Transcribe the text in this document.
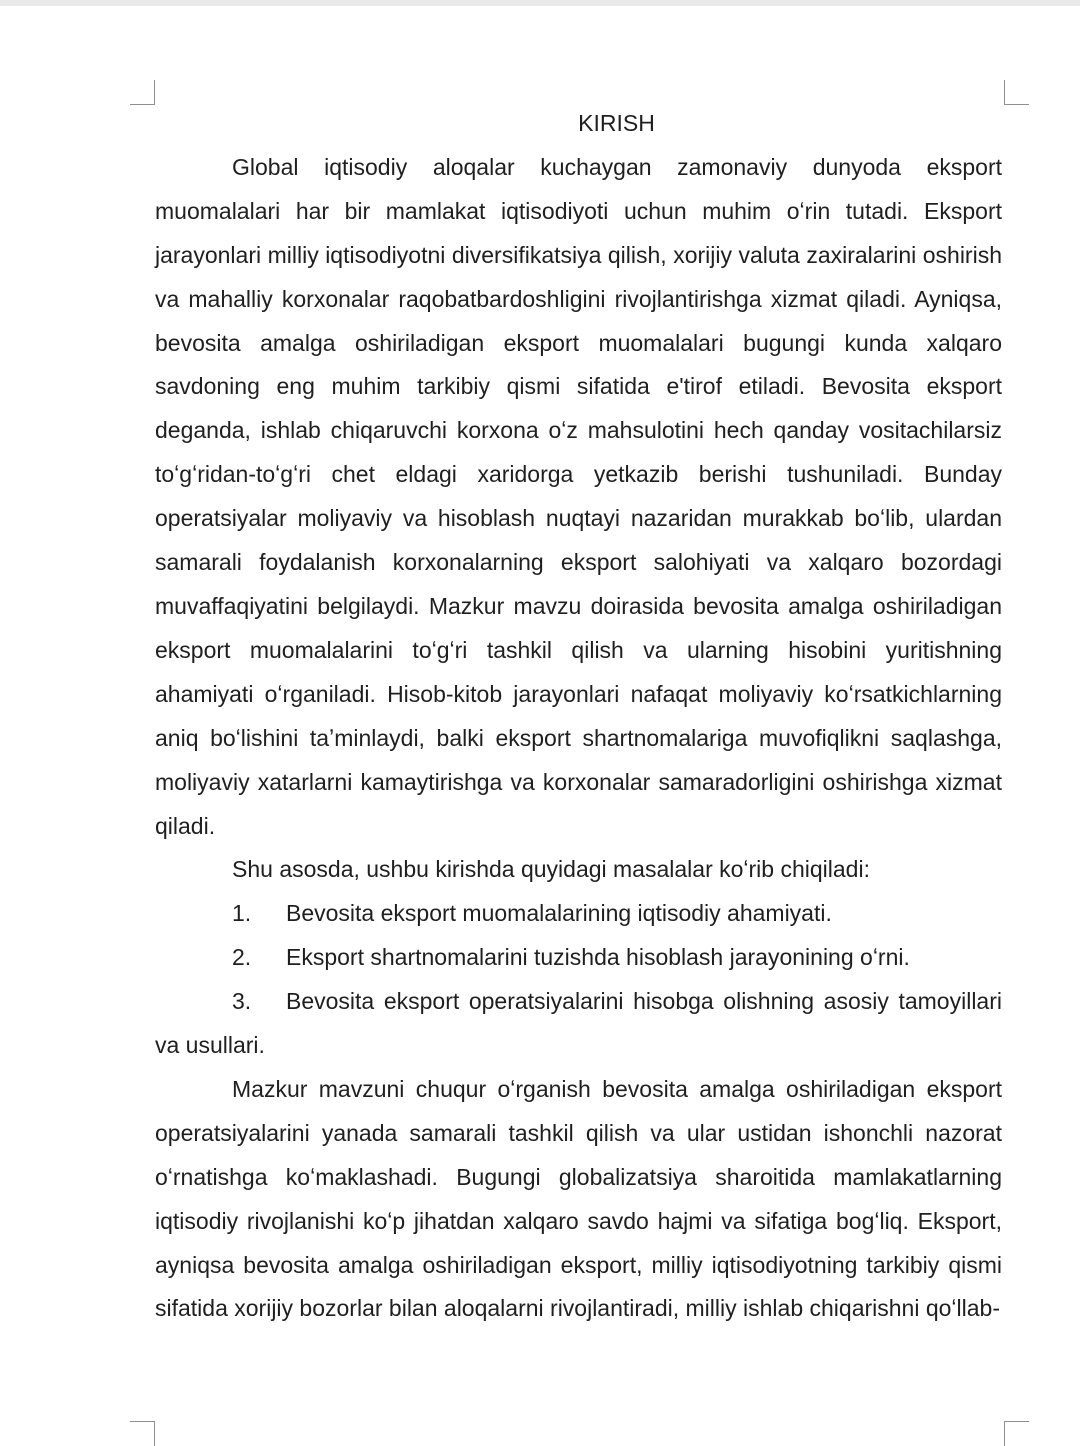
KIRISH

Global iqtisodiy aloqalar kuchaygan zamonaviy dunyoda eksport muomalalari har bir mamlakat iqtisodiyoti uchun muhim oʻrin tutadi. Eksport jarayonlari milliy iqtisodiyotni diversifikatsiya qilish, xorijiy valuta zaxiralarini oshirish va mahalliy korxonalar raqobatbardoshligini rivojlantirishga xizmat qiladi. Ayniqsa, bevosita amalga oshiriladigan eksport muomalalari bugungi kunda xalqaro savdoning eng muhim tarkibiy qismi sifatida e'tirof etiladi. Bevosita eksport deganda, ishlab chiqaruvchi korxona oʻz mahsulotini hech qanday vositachilarsiz toʻgʻridan-toʻgʻri chet eldagi xaridorga yetkazib berishi tushuniladi. Bunday operatsiyalar moliyaviy va hisoblash nuqtayi nazaridan murakkab boʻlib, ulardan samarali foydalanish korxonalarning eksport salohiyati va xalqaro bozordagi muvaffaqiyatini belgilaydi. Mazkur mavzu doirasida bevosita amalga oshiriladigan eksport muomalalarini toʻgʻri tashkil qilish va ularning hisobini yuritishning ahamiyati oʻrganiladi. Hisob-kitob jarayonlari nafaqat moliyaviy koʻrsatkichlarning aniq boʻlishini taʼminlaydi, balki eksport shartnomalariga muvofiqlikni saqlashga, moliyaviy xatarlarni kamaytirishga va korxonalar samaradorligini oshirishga xizmat qiladi.

Shu asosda, ushbu kirishda quyidagi masalalar koʻrib chiqiladi:

1.	Bevosita eksport muomalalarining iqtisodiy ahamiyati.
2.	Eksport shartnomalarini tuzishda hisoblash jarayonining oʻrni.

3. Bevosita eksport operatsiyalarini hisobga olishning asosiy tamoyillari va usullari.

Mazkur mavzuni chuqur oʻrganish bevosita amalga oshiriladigan eksport operatsiyalarini yanada samarali tashkil qilish va ular ustidan ishonchli nazorat oʻrnatishga koʻmaklashadi. Bugungi globalizatsiya sharoitida mamlakatlarning iqtisodiy rivojlanishi koʻp jihatdan xalqaro savdo hajmi va sifatiga bogʻliq. Eksport, ayniqsa bevosita amalga oshiriladigan eksport, milliy iqtisodiyotning tarkibiy qismi sifatida xorijiy bozorlar bilan aloqalarni rivojlantiradi, milliy ishlab chiqarishni qoʻllab-
